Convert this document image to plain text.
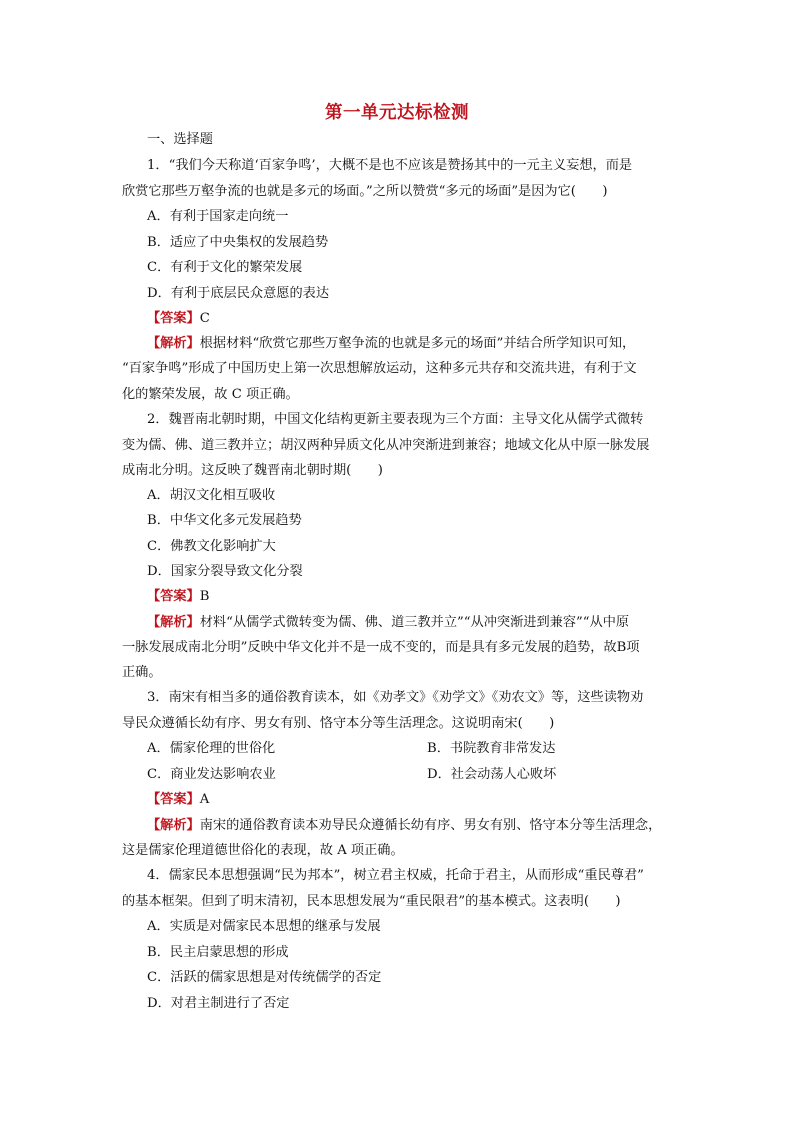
第一单元达标检测
一、选择题
1．“我们今天称道‘百家争鸣’，大概不是也不应该是赞扬其中的一元主义妄想，而是
欣赏它那些万壑争流的也就是多元的场面。”之所以赞赏“多元的场面”是因为它(　　)
A．有利于国家走向统一
B．适应了中央集权的发展趋势
C．有利于文化的繁荣发展
D．有利于底层民众意愿的表达
【答案】C
【解析】根据材料“欣赏它那些万壑争流的也就是多元的场面”并结合所学知识可知，
“百家争鸣”形成了中国历史上第一次思想解放运动，这种多元共存和交流共进，有利于文
化的繁荣发展，故 C 项正确。
2．魏晋南北朝时期，中国文化结构更新主要表现为三个方面：主导文化从儒学式微转
变为儒、佛、道三教并立；胡汉两种异质文化从冲突渐进到兼容；地域文化从中原一脉发展
成南北分明。这反映了魏晋南北朝时期(　　)
A．胡汉文化相互吸收
B．中华文化多元发展趋势
C．佛教文化影响扩大
D．国家分裂导致文化分裂
【答案】B
【解析】材料“从儒学式微转变为儒、佛、道三教并立”“从冲突渐进到兼容”“从中原
一脉发展成南北分明”反映中华文化并不是一成不变的，而是具有多元发展的趋势，故B项
正确。
3．南宋有相当多的通俗教育读本，如《劝孝文》《劝学文》《劝农文》等，这些读物劝
导民众遵循长幼有序、男女有别、恪守本分等生活理念。这说明南宋(　　)
A．儒家伦理的世俗化	B．书院教育非常发达
C．商业发达影响农业	D．社会动荡人心败坏
【答案】A
【解析】南宋的通俗教育读本劝导民众遵循长幼有序、男女有别、恪守本分等生活理念，
这是儒家伦理道德世俗化的表现，故 A 项正确。
4．儒家民本思想强调“民为邦本”，树立君主权威，托命于君主，从而形成“重民尊君”
的基本框架。但到了明末清初，民本思想发展为“重民限君”的基本模式。这表明(　　)
A．实质是对儒家民本思想的继承与发展
B．民主启蒙思想的形成
C．活跃的儒家思想是对传统儒学的否定
D．对君主制进行了否定
